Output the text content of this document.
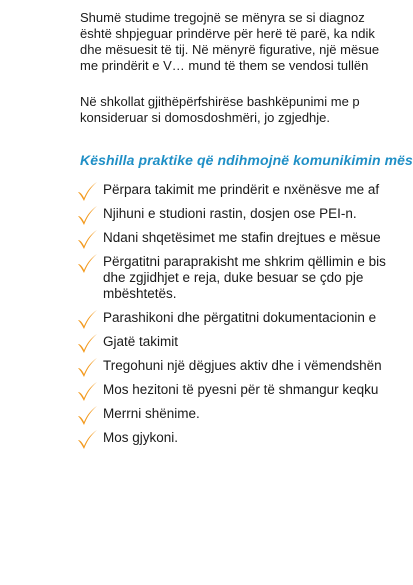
Shumë studime tregojnë se mënyra se si diagnoz
është shpjeguar prindërve për herë të parë, ka ndik
dhe mësuesit të tij. Në mënyrë figurative, një mësue
me prindërit e V… mund të them se vendosi tullën

Në shkollat gjithëpërfshirëse bashkëpunimi me p
konsideruar si domosdoshmëri, jo zgjedhje.

Këshilla praktike që ndihmojnë komunikimin mës
Përpara takimit me prindërit e nxënësve me af
Njihuni e studioni rastin, dosjen ose PEI-n.
Ndani shqetësimet me stafin drejtues e mësue
Përgatitni paraprakisht me shkrim qëllimin e bis
dhe zgjidhjet e reja, duke besuar se çdo pje
mbështetës.
Parashikoni dhe përgatitni dokumentacionin e
Gjatë takimit
Tregohuni një dëgjues aktiv dhe i vëmendshën
Mos hezitoni të pyesni për të shmangur keqku
Merrni shënime.
Mos gjykoni.
